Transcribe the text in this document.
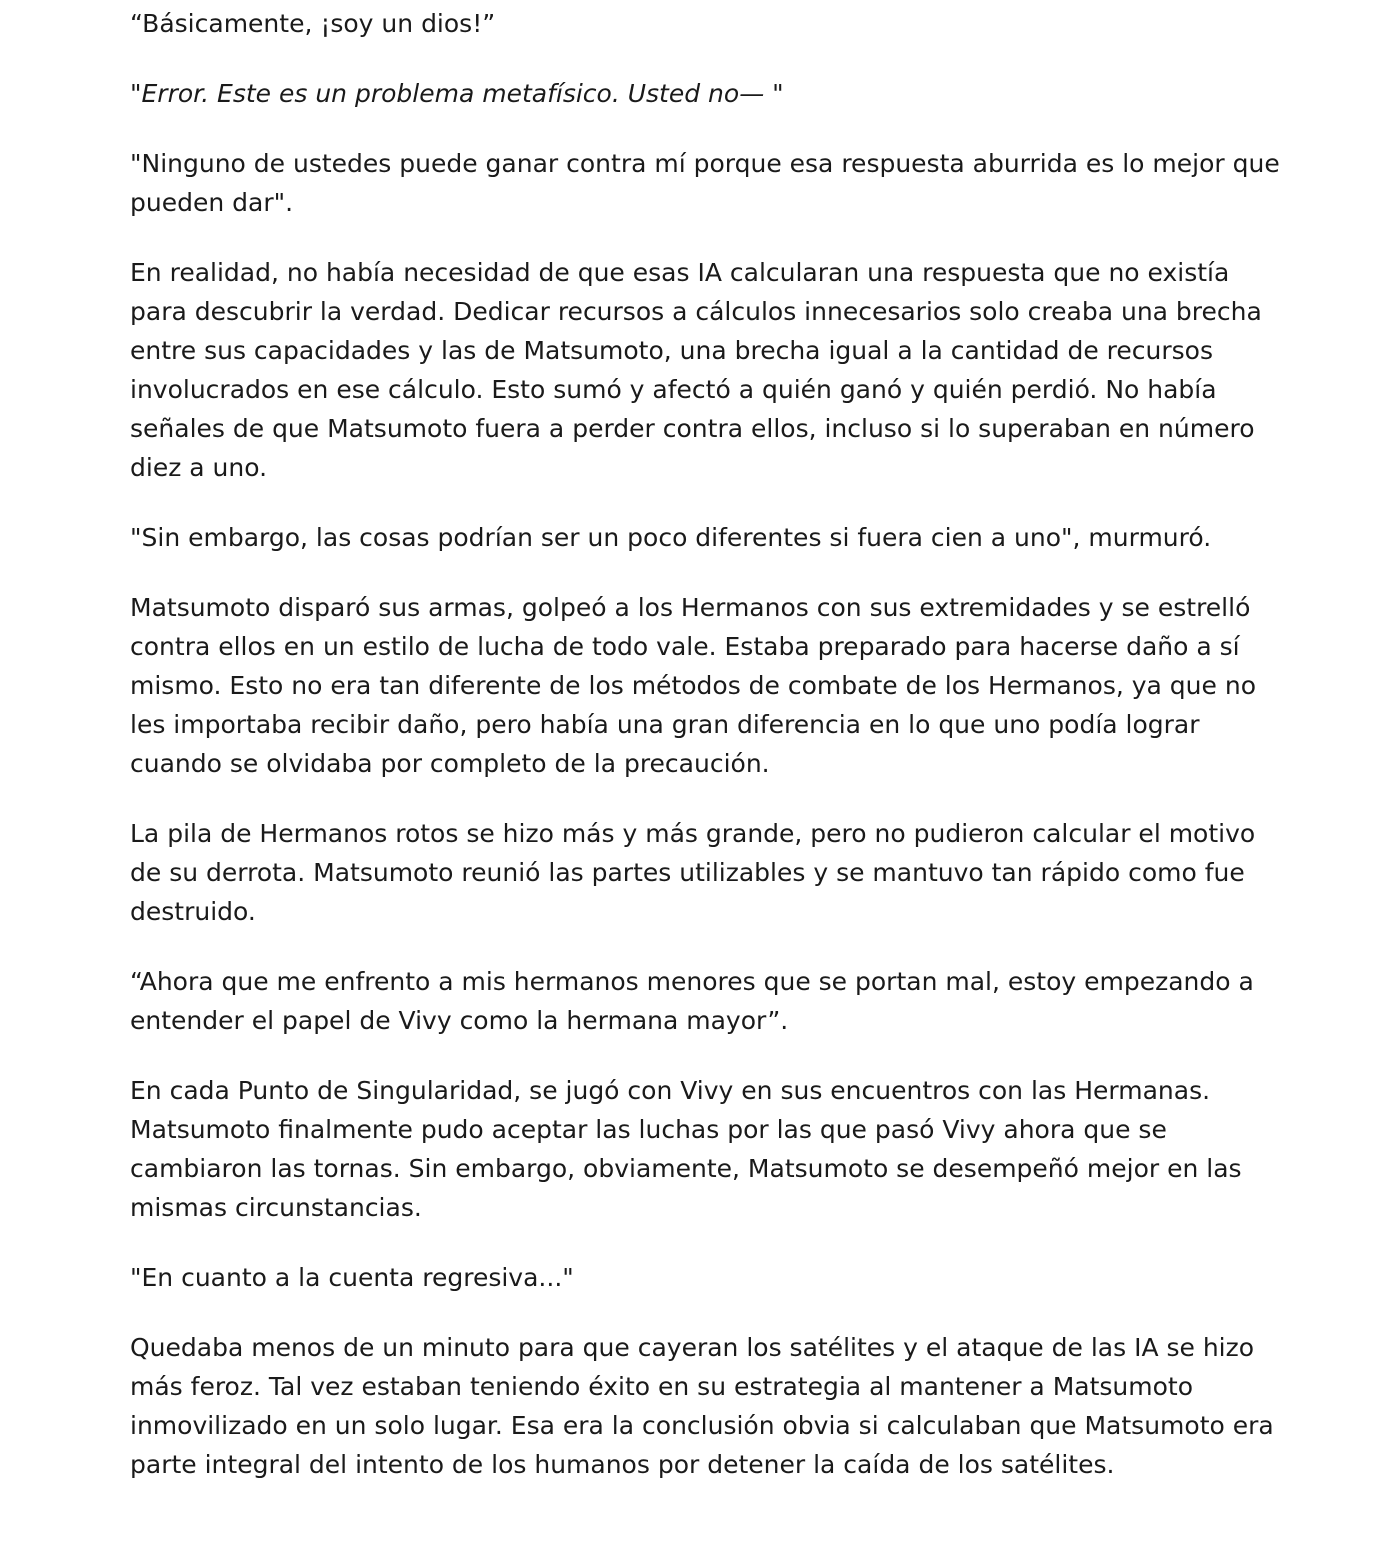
“Básicamente, ¡soy un dios!”

"Error. Este es un problema metafísico. Usted no— "

"Ninguno de ustedes puede ganar contra mí porque esa respuesta aburrida es lo mejor que pueden dar".

En realidad, no había necesidad de que esas IA calcularan una respuesta que no existía para descubrir la verdad. Dedicar recursos a cálculos innecesarios solo creaba una brecha entre sus capacidades y las de Matsumoto, una brecha igual a la cantidad de recursos involucrados en ese cálculo. Esto sumó y afectó a quién ganó y quién perdió. No había señales de que Matsumoto fuera a perder contra ellos, incluso si lo superaban en número diez a uno.

"Sin embargo, las cosas podrían ser un poco diferentes si fuera cien a uno", murmuró.

Matsumoto disparó sus armas, golpeó a los Hermanos con sus extremidades y se estrelló contra ellos en un estilo de lucha de todo vale. Estaba preparado para hacerse daño a sí mismo. Esto no era tan diferente de los métodos de combate de los Hermanos, ya que no les importaba recibir daño, pero había una gran diferencia en lo que uno podía lograr cuando se olvidaba por completo de la precaución.

La pila de Hermanos rotos se hizo más y más grande, pero no pudieron calcular el motivo de su derrota. Matsumoto reunió las partes utilizables y se mantuvo tan rápido como fue destruido.

“Ahora que me enfrento a mis hermanos menores que se portan mal, estoy empezando a entender el papel de Vivy como la hermana mayor”.

En cada Punto de Singularidad, se jugó con Vivy en sus encuentros con las Hermanas. Matsumoto finalmente pudo aceptar las luchas por las que pasó Vivy ahora que se cambiaron las tornas. Sin embargo, obviamente, Matsumoto se desempeñó mejor en las mismas circunstancias.

"En cuanto a la cuenta regresiva..."

Quedaba menos de un minuto para que cayeran los satélites y el ataque de las IA se hizo más feroz. Tal vez estaban teniendo éxito en su estrategia al mantener a Matsumoto inmovilizado en un solo lugar. Esa era la conclusión obvia si calculaban que Matsumoto era parte integral del intento de los humanos por detener la caída de los satélites.
